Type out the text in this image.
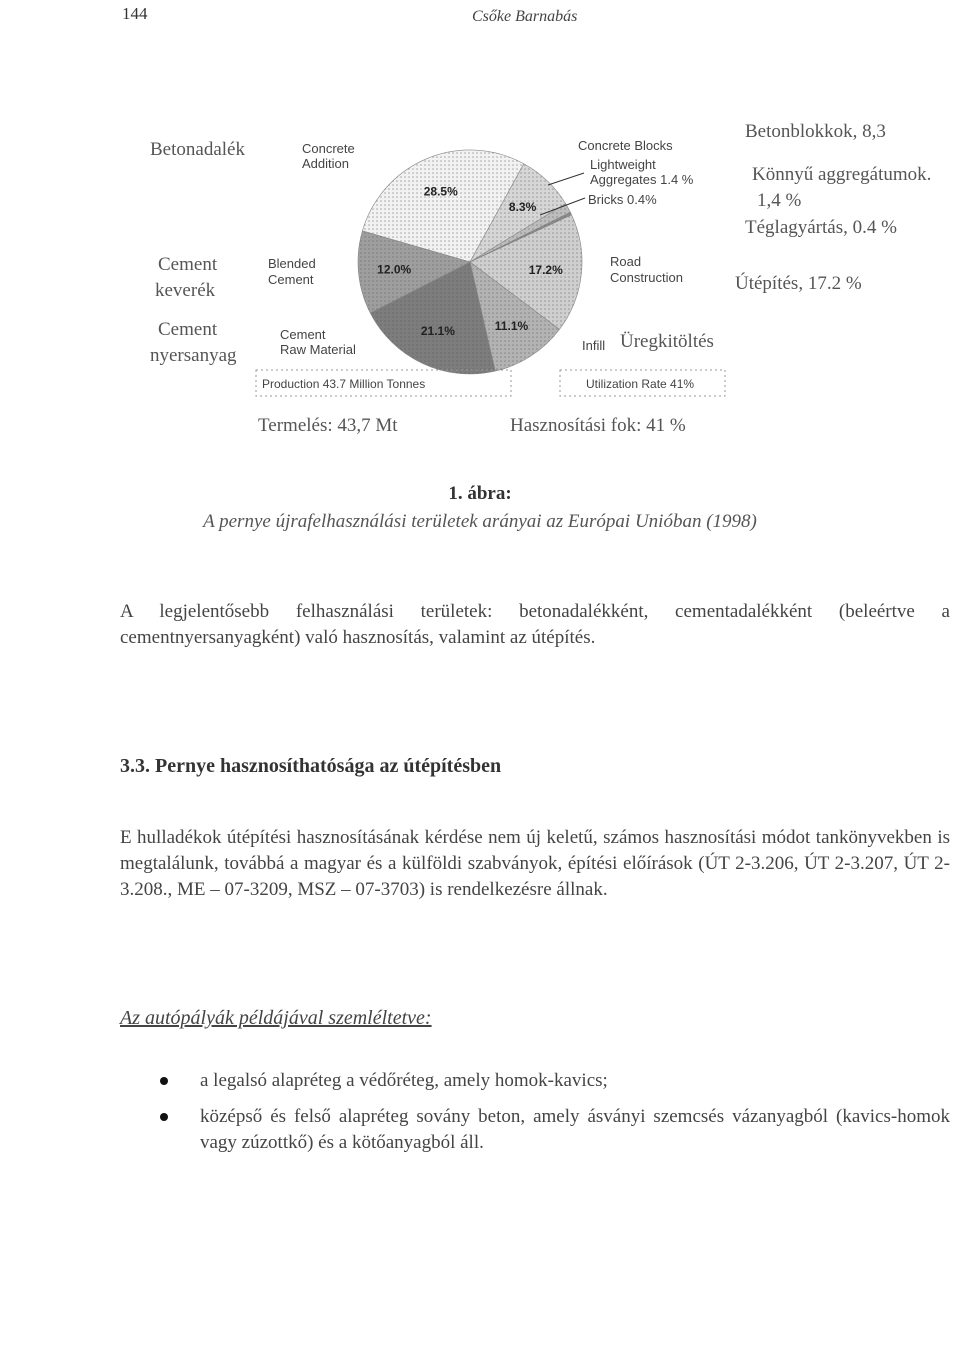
144	Csőke Barnabás
28.5%
8.3%
17.2%
11.1%
21.1%
12.0%
Betonadalék
Cement
keverék
Cement
nyersanyag
Betonblokkok, 8,3
Könnyű aggregátumok.
1,4 %
Téglagyártás, 0.4 %
Útépítés, 17.2 %
Üregkitöltés
Concrete
Addition
Blended
Cement
Cement
Raw Material
Concrete Blocks
Lightweight
Aggregates 1.4 %
Bricks 0.4%
Road
Construction
Infill
Production 43.7 Million Tonnes	Utilization Rate 41%
Termelés: 43,7 Mt	Hasznosítási fok: 41 %
1. ábra:
A pernye újrafelhasználási területek arányai az Európai Unióban (1998)
A legjelentősebb felhasználási területek: betonadalékként, cementadalékként (beleértve a cementnyersanyagként) való hasznosítás, valamint az útépítés.
3.3. Pernye hasznosíthatósága az útépítésben
E hulladékok útépítési hasznosításának kérdése nem új keletű, számos hasznosítási módot tankönyvekben is megtalálunk, továbbá a magyar és a külföldi szabványok, építési előírások (ÚT 2-3.206, ÚT 2-3.207, ÚT 2-3.208., ME – 07-3209, MSZ – 07-3703) is rendelkezésre állnak.
Az autópályák példájával szemléltetve:
a legalsó alapréteg a védőréteg, amely homok-kavics;
középső és felső alapréteg sovány beton, amely ásványi szemcsés vázanyagból (kavics-homok vagy zúzottkő) és a kötőanyagból áll.
